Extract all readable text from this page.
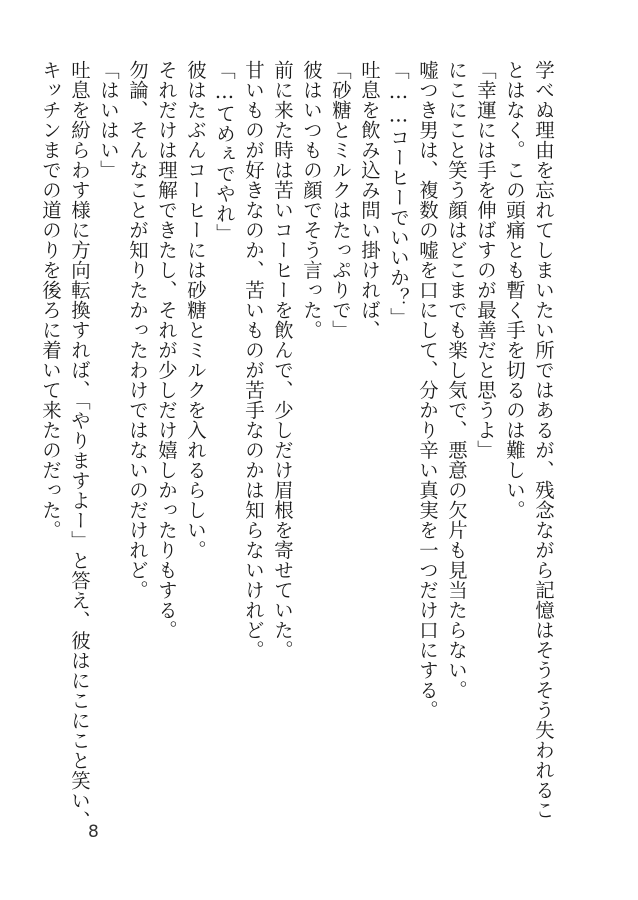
学べぬ理由を忘れてしまいたい所ではあるが、残念ながら記憶はそうそう失われるこ
とはなく。この頭痛とも暫く手を切るのは難しい。
「幸運には手を伸ばすのが最善だと思うよ」
にこにこと笑う顔はどこまでも楽し気で、悪意の欠片も見当たらない。
嘘つき男は、複数の嘘を口にして、分かり辛い真実を一つだけ口にする。
「……コーヒーでいいか？」
吐息を飲み込み問い掛ければ、
「砂糖とミルクはたっぷりで」
彼はいつもの顔でそう言った。
前に来た時は苦いコーヒーを飲んで、少しだけ眉根を寄せていた。
甘いものが好きなのか、苦いものが苦手なのかは知らないけれど。
「…てめぇでやれ」
彼はたぶんコーヒーには砂糖とミルクを入れるらしい。
それだけは理解できたし、それが少しだけ嬉しかったりもする。
勿論、そんなことが知りたかったわけではないのだけれど。
「はいはい」
吐息を紛らわす様に方向転換すれば、「やりますよー」と答え、彼はにこにこと笑い、
キッチンまでの道のりを後ろに着いて来たのだった。
8
